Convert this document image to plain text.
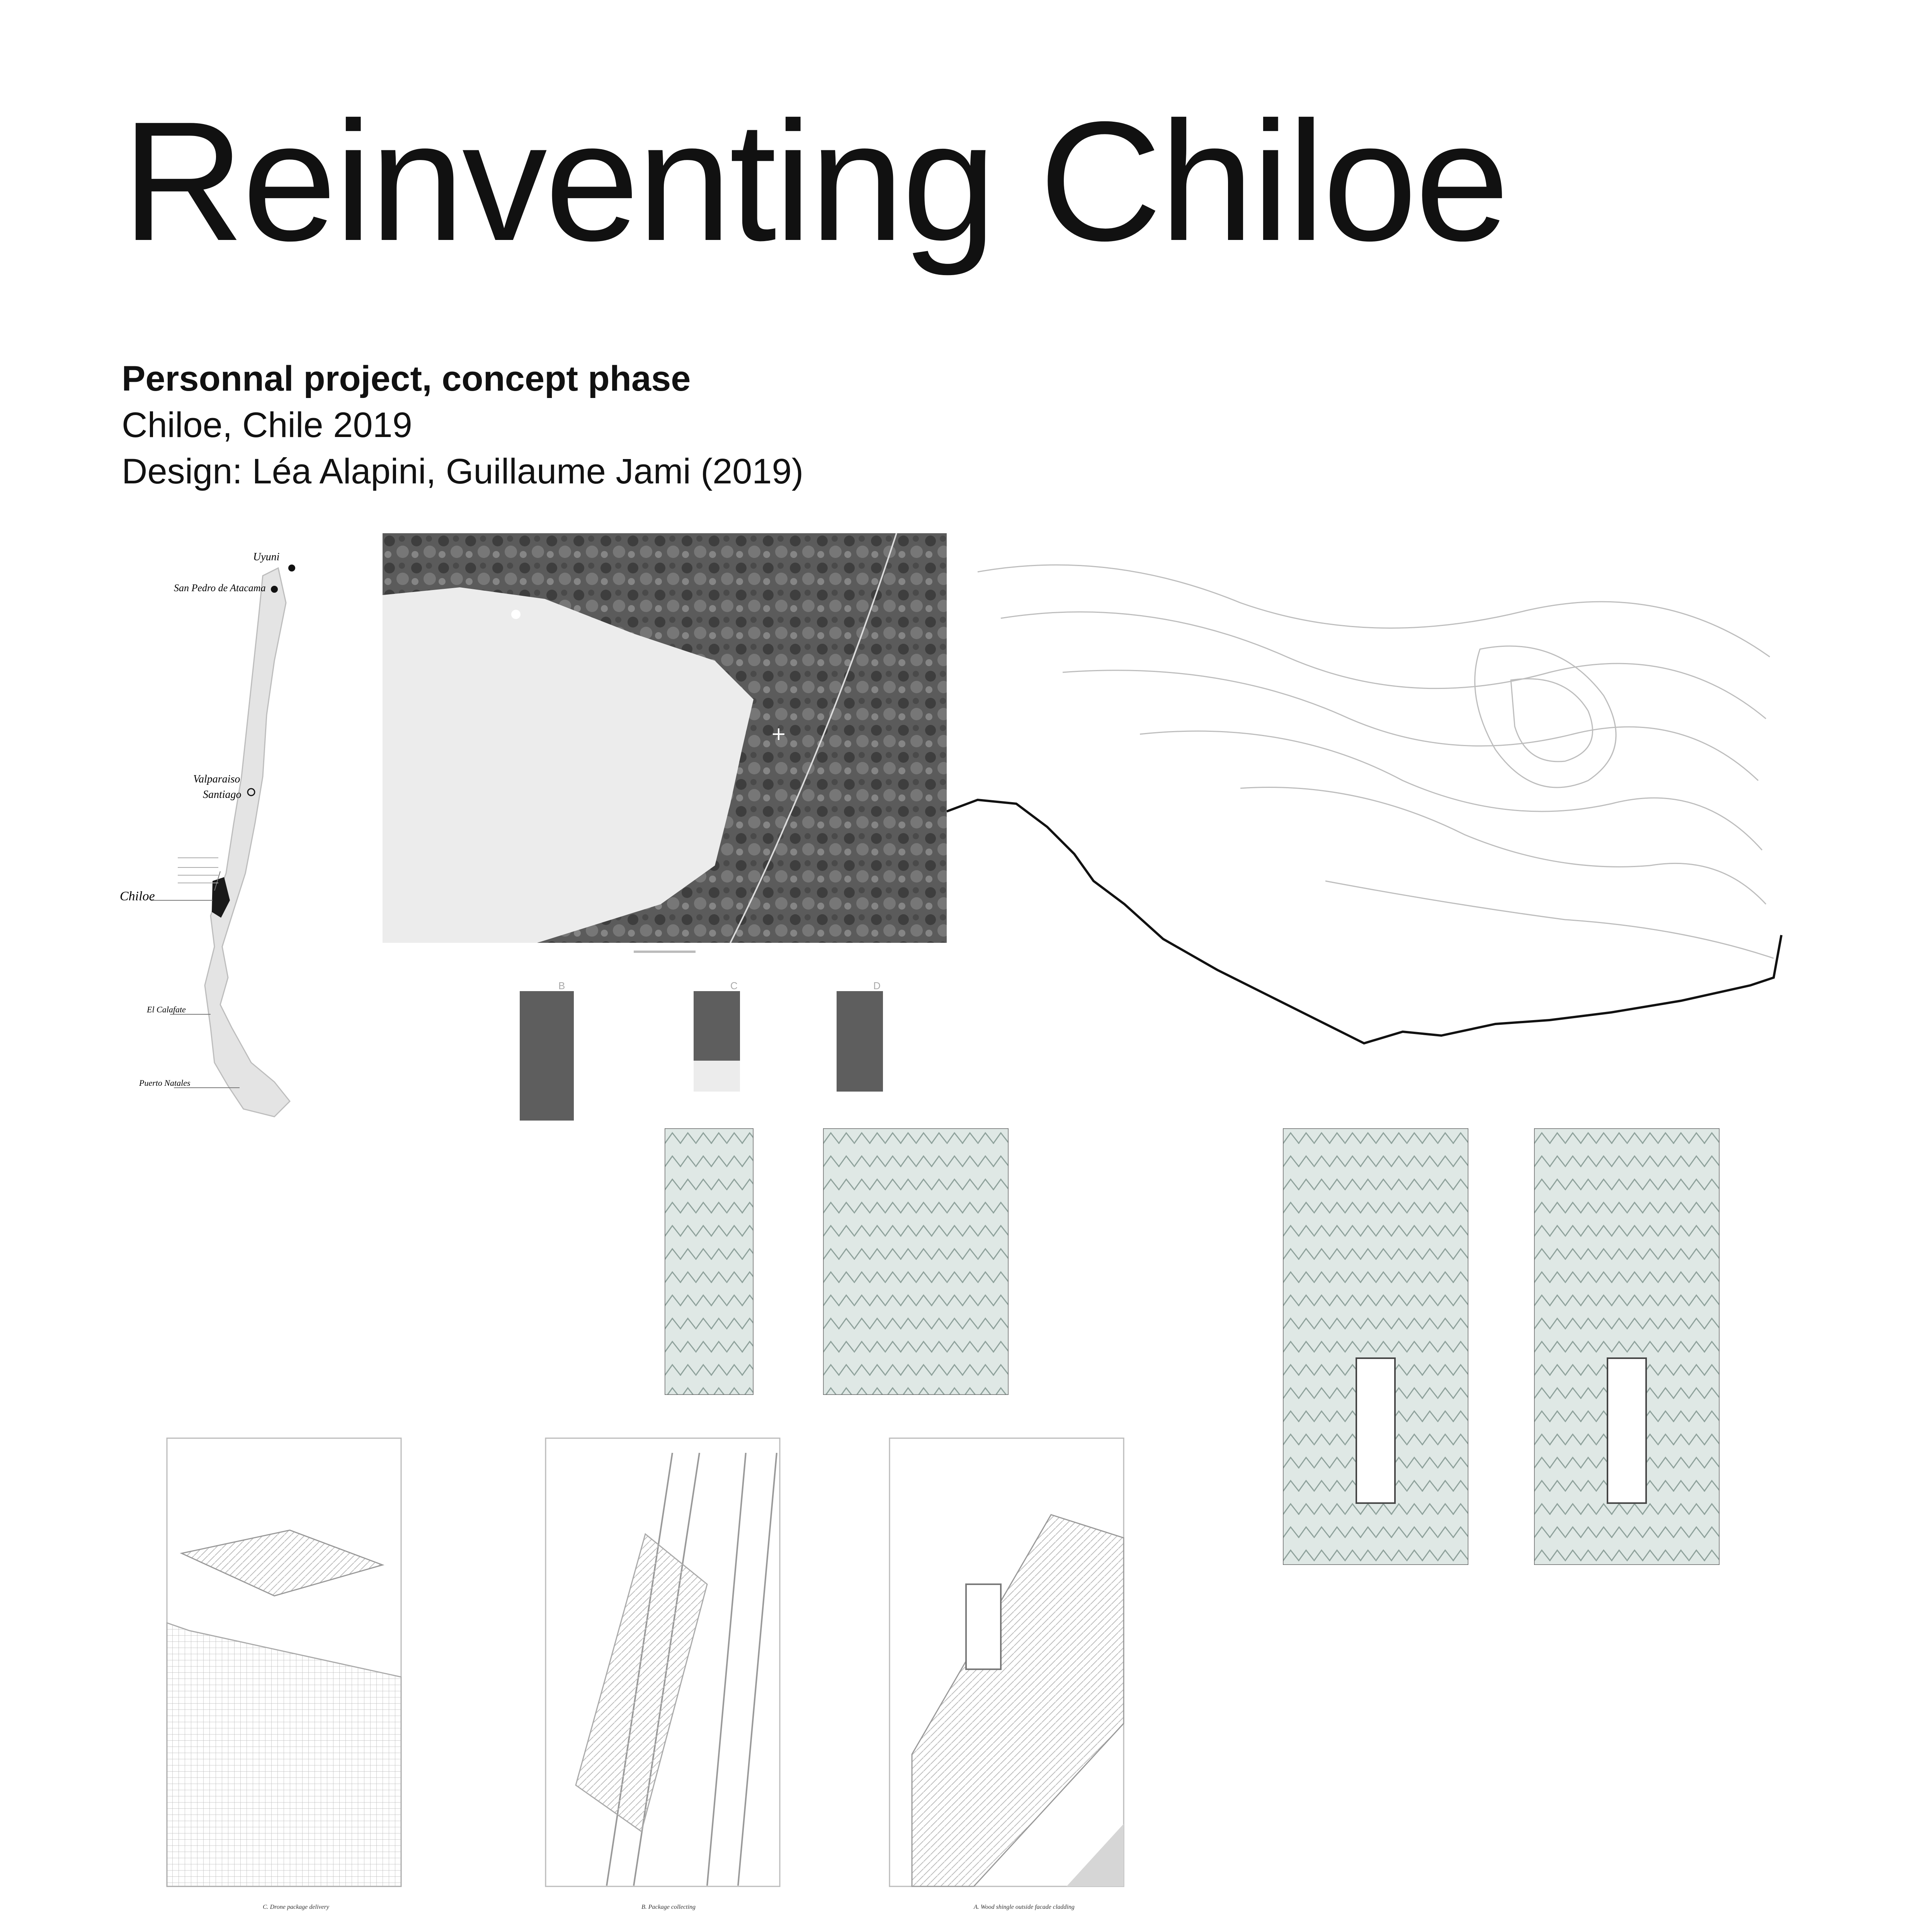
Reinventing Chiloe
Personnal project, concept phase
Chiloe, Chile 2019
Design: Léa Alapini, Guillaume Jami (2019)
Uyuni
San Pedro de Atacama
Valparaiso
Santiago
Chiloe
El Calafate
Puerto Natales
B	C	D
C. Drone package delivery	B. Package collecting	A. Wood shingle outside facade cladding
